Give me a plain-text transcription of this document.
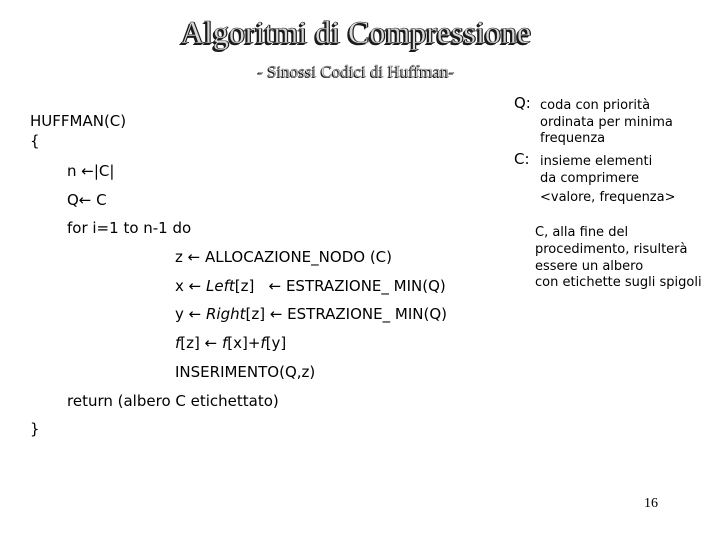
Algoritmi di Compressione
- Sinossi Codici di Huffman-
HUFFMAN(C)
{
n ←|C|
Q← C
for i=1 to n-1 do
z ← ALLOCAZIONE_NODO (C)
x ← Left[z]   ← ESTRAZIONE_ MIN(Q)
y ← Right[z] ← ESTRAZIONE_ MIN(Q)
f[z] ← f[x]+f[y]
INSERIMENTO(Q,z)
return (albero C etichettato)
}
Q: coda con priorità
ordinata per minima
frequenza
C: insieme elementi
da comprimere
<valore, frequenza>
C, alla fine del
procedimento, risulterà
essere un albero
con etichette sugli spigoli
16
